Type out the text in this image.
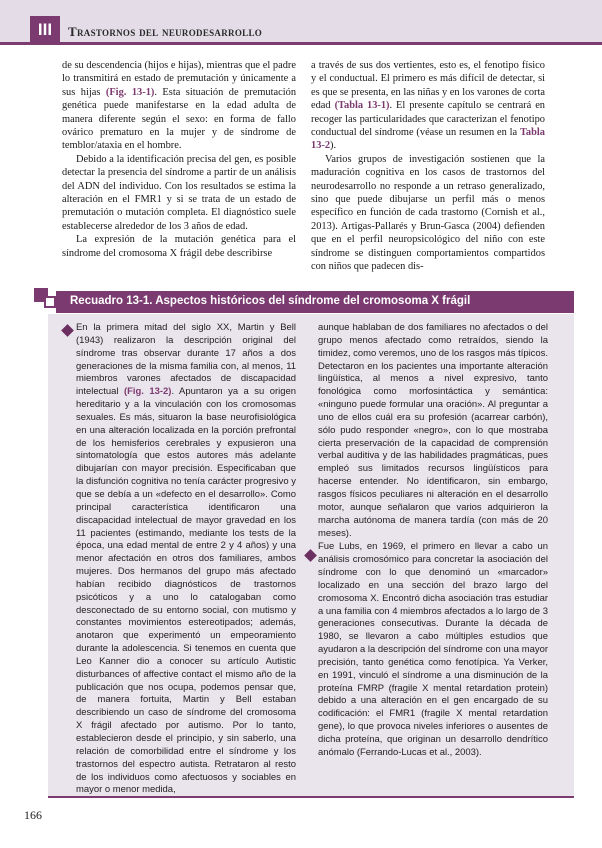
III	Trastornos del neurodesarrollo

de su descendencia (hijos e hijas), mientras que el padre lo transmitirá en estado de premutación y únicamente a sus hijas (Fig. 13-1). Esta situación de premutación genética puede manifestarse en la edad adulta de manera diferente según el sexo: en forma de fallo ovárico prematuro en la mujer y de síndrome de temblor/ataxia en el hombre.

Debido a la identificación precisa del gen, es posible detectar la presencia del síndrome a partir de un análisis del ADN del individuo. Con los resultados se estima la alteración en el FMR1 y si se trata de un estado de premutación o mutación completa. El diagnóstico suele establecerse alrededor de los 3 años de edad.

La expresión de la mutación genética para el síndrome del cromosoma X frágil debe describirse

a través de sus dos vertientes, esto es, el fenotipo físico y el conductual. El primero es más difícil de detectar, si es que se presenta, en las niñas y en los varones de corta edad (Tabla 13-1). El presente capítulo se centrará en recoger las particularidades que caracterizan el fenotipo conductual del síndrome (véase un resumen en la Tabla 13-2).

Varios grupos de investigación sostienen que la maduración cognitiva en los casos de trastornos del neurodesarrollo no responde a un retraso generalizado, sino que puede dibujarse un perfil más o menos específico en función de cada trastorno (Cornish et al., 2013). Artigas-Pallarés y Brun-Gasca (2004) defienden que en el perfil neuropsicológico del niño con este síndrome se distinguen comportamientos compartidos con niños que padecen dis-

Recuadro 13-1. Aspectos históricos del síndrome del cromosoma X frágil
En la primera mitad del siglo XX, Martin y Bell (1943) realizaron la descripción original del síndrome tras observar durante 17 años a dos generaciones de la misma familia con, al menos, 11 miembros varones afectados de discapacidad intelectual (Fig. 13-2). Apuntaron ya a su origen hereditario y a la vinculación con los cromosomas sexuales. Es más, situaron la base neurofisiológica en una alteración localizada en la porción prefrontal de los hemisferios cerebrales y expusieron una sintomatología que estos autores más adelante dibujarían con mayor precisión. Especificaban que la disfunción cognitiva no tenía carácter progresivo y que se debía a un «defecto en el desarrollo». Como principal característica identificaron una discapacidad intelectual de mayor gravedad en los 11 pacientes (estimando, mediante los tests de la época, una edad mental de entre 2 y 4 años) y una menor afectación en otros dos familiares, ambos mujeres. Dos hermanos del grupo más afectado habían recibido diagnósticos de trastornos psicóticos y a uno lo catalogaban como desconectado de su entorno social, con mutismo y constantes movimientos estereotipados; además, anotaron que experimentó un empeoramiento durante la adolescencia. Si tenemos en cuenta que Leo Kanner dio a conocer su artículo Autistic disturbances of affective contact el mismo año de la publicación que nos ocupa, podemos pensar que, de manera fortuita, Martin y Bell estaban describiendo un caso de síndrome del cromosoma X frágil afectado por autismo. Por lo tanto, establecieron desde el principio, y sin saberlo, una relación de comorbilidad entre el síndrome y los trastornos del espectro autista. Retrataron al resto de los individuos como afectuosos y sociables en mayor o menor medida,

aunque hablaban de dos familiares no afectados o del grupo menos afectado como retraídos, siendo la timidez, como veremos, uno de los rasgos más típicos. Detectaron en los pacientes una importante alteración lingüística, al menos a nivel expresivo, tanto fonológica como morfosintáctica y semántica: «ninguno puede formular una oración». Al preguntar a uno de ellos cuál era su profesión (acarrear carbón), sólo pudo responder «negro», con lo que mostraba cierta preservación de la capacidad de comprensión verbal auditiva y de las habilidades pragmáticas, pues empleó sus limitados recursos lingüísticos para hacerse entender. No identificaron, sin embargo, rasgos físicos peculiares ni alteración en el desarrollo motor, aunque señalaron que varios adquirieron la marcha autónoma de manera tardía (con más de 20 meses).

Fue Lubs, en 1969, el primero en llevar a cabo un análisis cromosómico para concretar la asociación del síndrome con lo que denominó un «marcador» localizado en una sección del brazo largo del cromosoma X. Encontró dicha asociación tras estudiar a una familia con 4 miembros afectados a lo largo de 3 generaciones consecutivas. Durante la década de 1980, se llevaron a cabo múltiples estudios que ayudaron a la descripción del síndrome con una mayor precisión, tanto genética como fenotípica. Ya Verker, en 1991, vinculó el síndrome a una disminución de la proteína FMRP (fragile X mental retardation protein) debido a una alteración en el gen encargado de su codificación: el FMR1 (fragile X mental retardation gene), lo que provoca niveles inferiores o ausentes de dicha proteína, que originan un desarrollo dendrítico anómalo (Ferrando-Lucas et al., 2003).

166
